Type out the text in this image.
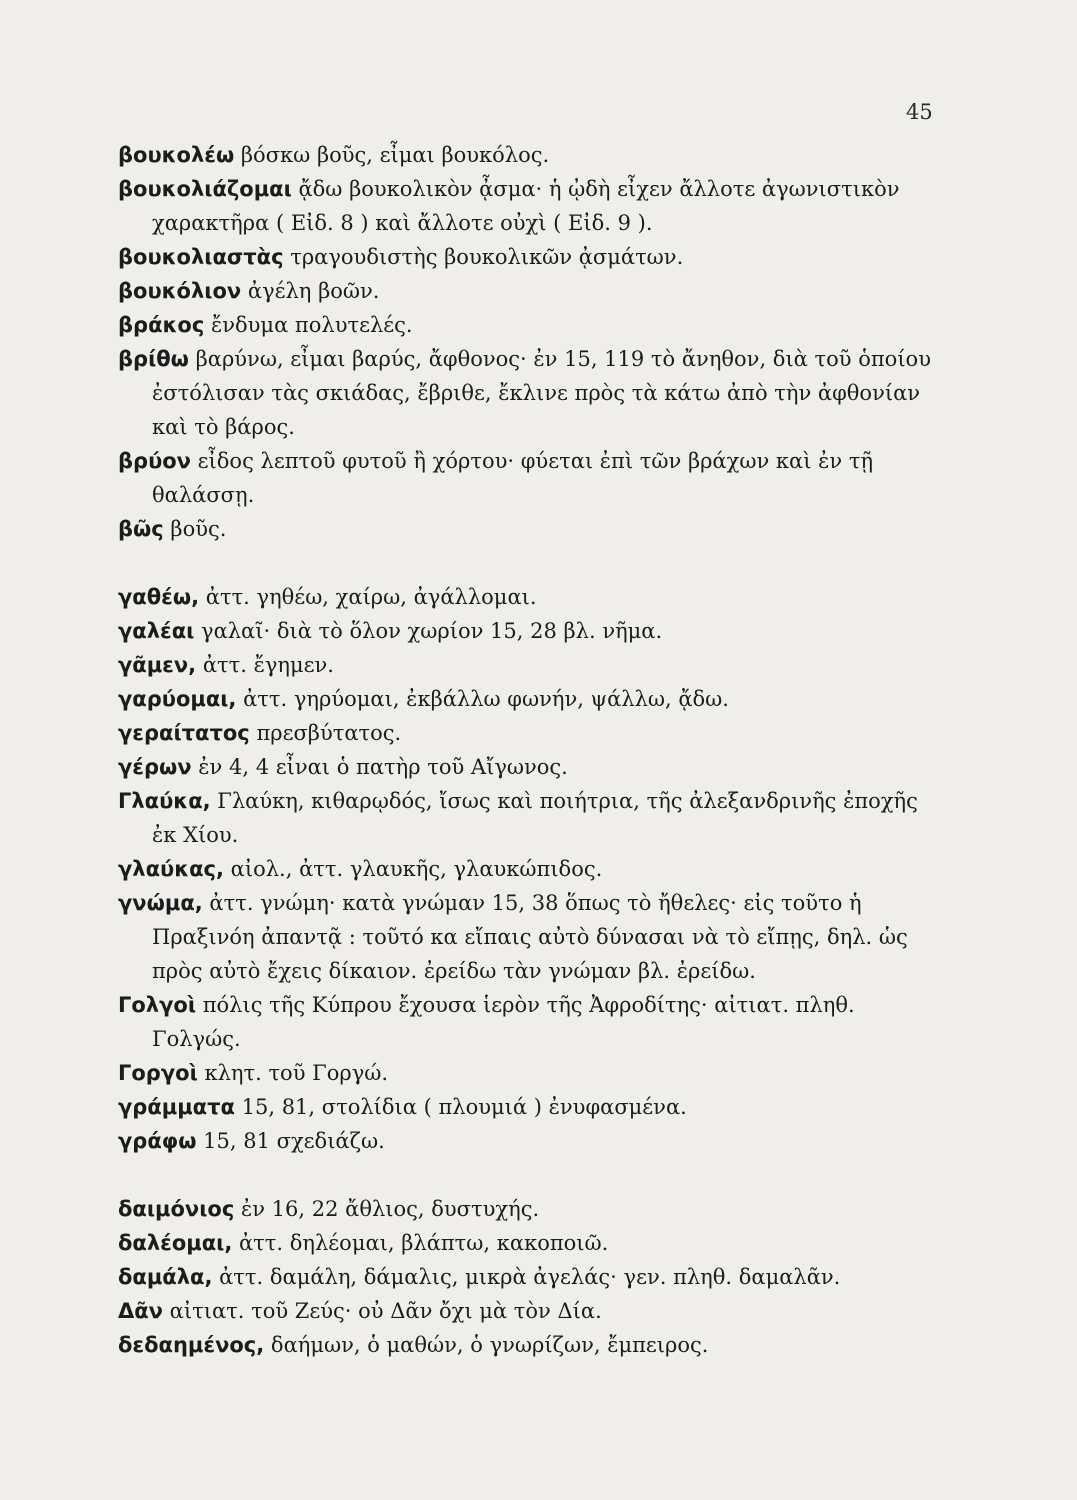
45

βουκολέω βόσκω βοῦς, εἶμαι βουκόλος.

βουκολιάζομαι ᾄδω βουκολικὸν ᾆσμα· ἡ ᾠδὴ εἶχεν ἄλλοτε ἀγωνιστικὸν χαρακτῆρα ( Εἰδ. 8 ) καὶ ἄλλοτε οὐχὶ ( Εἰδ. 9 ).

βουκολιαστὰς τραγουδιστὴς βουκολικῶν ᾀσμάτων.

βουκόλιον ἀγέλη βοῶν.

βράκος ἔνδυμα πολυτελές.

βρίθω βαρύνω, εἶμαι βαρύς, ἄφθονος· ἐν 15, 119 τὸ ἄνηθον, διὰ τοῦ ὁποίου ἐστόλισαν τὰς σκιάδας, ἔβριθε, ἔκλινε πρὸς τὰ κάτω ἀπὸ τὴν ἀφθονίαν καὶ τὸ βάρος.

βρύον εἶδος λεπτοῦ φυτοῦ ἢ χόρτου· φύεται ἐπὶ τῶν βράχων καὶ ἐν τῇ θαλάσσῃ.

βῶς βοῦς.

γαθέω, ἀττ. γηθέω, χαίρω, ἀγάλλομαι.

γαλέαι γαλαῖ· διὰ τὸ ὅλον χωρίον 15, 28 βλ. νῆμα.

γᾶμεν, ἀττ. ἔγημεν.

γαρύομαι, ἀττ. γηρύομαι, ἐκβάλλω φωνήν, ψάλλω, ᾄδω.

γεραίτατος πρεσβύτατος.

γέρων ἐν 4, 4 εἶναι ὁ πατὴρ τοῦ Αἴγωνος.

Γλαύκα, Γλαύκη, κιθαρῳδός, ἴσως καὶ ποιήτρια, τῆς ἀλεξανδρινῆς ἐποχῆς ἐκ Χίου.

γλαύκας, αἰολ., ἀττ. γλαυκῆς, γλαυκώπιδος.

γνώμα, ἀττ. γνώμη· κατὰ γνώμαν 15, 38 ὅπως τὸ ἤθελες· εἰς τοῦτο ἡ Πραξινόη ἀπαντᾷ : τοῦτό κα εἴπαις αὐτὸ δύνασαι νὰ τὸ εἴπῃς, δηλ. ὡς πρὸς αὐτὸ ἔχεις δίκαιον. ἐρείδω τὰν γνώμαν βλ. ἐρείδω.

Γολγοὶ πόλις τῆς Κύπρου ἔχουσα ἱερὸν τῆς Ἀφροδίτης· αἰτιατ. πληθ. Γολγώς.

Γοργοὶ κλητ. τοῦ Γοργώ.

γράμματα 15, 81, στολίδια ( πλουμιά ) ἐνυφασμένα.

γράφω 15, 81 σχεδιάζω.

δαιμόνιος ἐν 16, 22 ἄθλιος, δυστυχής.

δαλέομαι, ἀττ. δηλέομαι, βλάπτω, κακοποιῶ.

δαμάλα, ἀττ. δαμάλη, δάμαλις, μικρὰ ἀγελάς· γεν. πληθ. δαμαλᾶν.

Δᾶν αἰτιατ. τοῦ Ζεύς· οὐ Δᾶν ὄχι μὰ τὸν Δία.

δεδαημένος, δαήμων, ὁ μαθών, ὁ γνωρίζων, ἔμπειρος.
